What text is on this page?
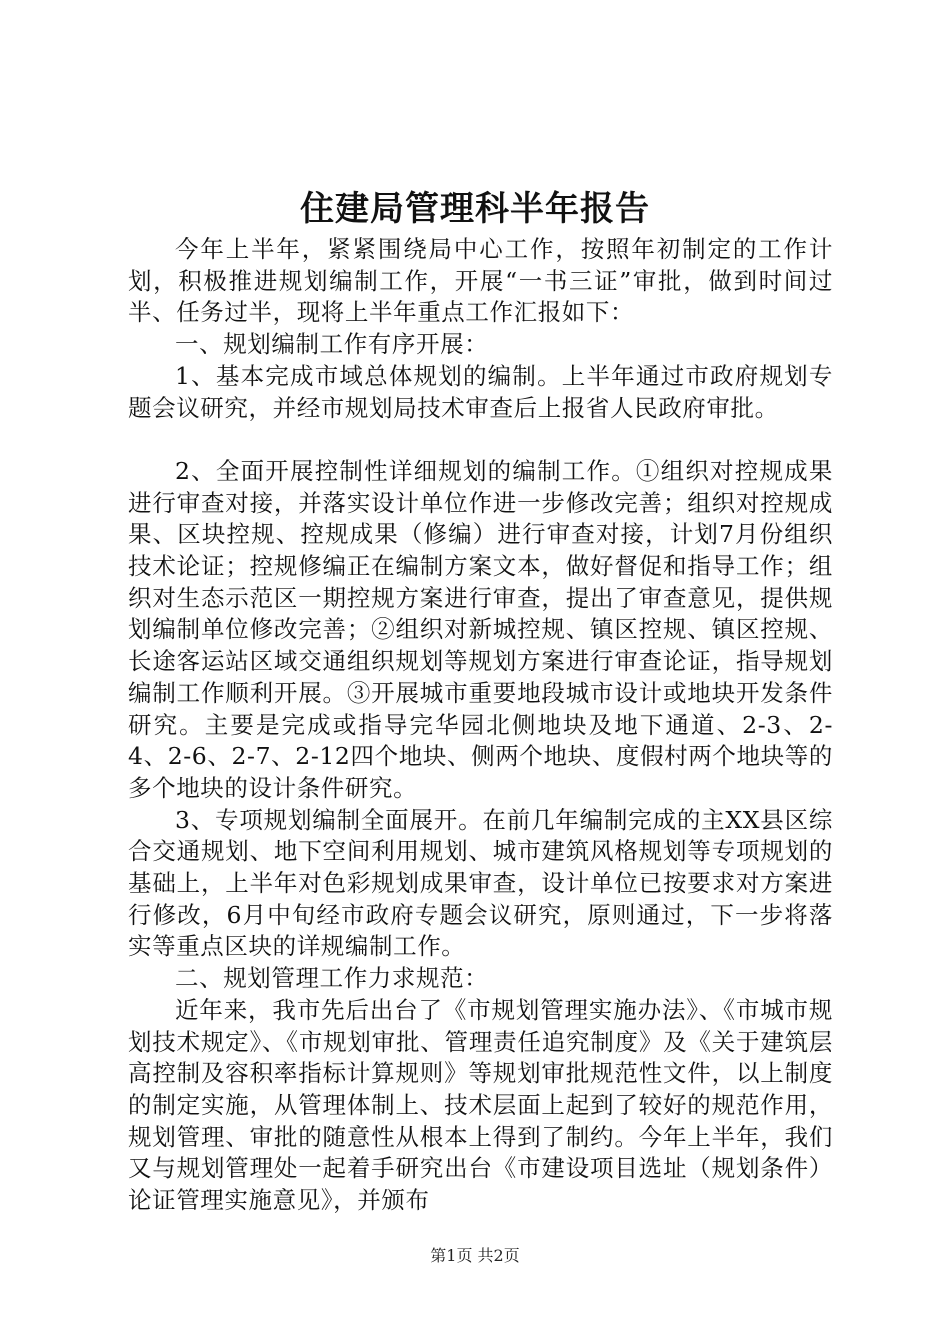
住建局管理科半年报告

今年上半年，紧紧围绕局中心工作，按照年初制定的工作计划，积极推进规划编制工作，开展“一书三证”审批，做到时间过半、任务过半，现将上半年重点工作汇报如下：

一、规划编制工作有序开展：

1、基本完成市域总体规划的编制。上半年通过市政府规划专题会议研究，并经市规划局技术审查后上报省人民政府审批。

2、全面开展控制性详细规划的编制工作。①组织对控规成果进行审查对接，并落实设计单位作进一步修改完善；组织对控规成果、区块控规、控规成果（修编）进行审查对接，计划7月份组织技术论证；控规修编正在编制方案文本，做好督促和指导工作；组织对生态示范区一期控规方案进行审查，提出了审查意见，提供规划编制单位修改完善；②组织对新城控规、镇区控规、镇区控规、长途客运站区域交通组织规划等规划方案进行审查论证，指导规划编制工作顺利开展。③开展城市重要地段城市设计或地块开发条件研究。主要是完成或指导完华园北侧地块及地下通道、2-3、2-4、2-6、2-7、2-12四个地块、侧两个地块、度假村两个地块等的多个地块的设计条件研究。

3、专项规划编制全面展开。在前几年编制完成的主XX县区综合交通规划、地下空间利用规划、城市建筑风格规划等专项规划的基础上，上半年对色彩规划成果审查，设计单位已按要求对方案进行修改，6月中旬经市政府专题会议研究，原则通过，下一步将落实等重点区块的详规编制工作。

二、规划管理工作力求规范：

近年来，我市先后出台了《市规划管理实施办法》、《市城市规划技术规定》、《市规划审批、管理责任追究制度》及《关于建筑层高控制及容积率指标计算规则》等规划审批规范性文件，以上制度的制定实施，从管理体制上、技术层面上起到了较好的规范作用，规划管理、审批的随意性从根本上得到了制约。今年上半年，我们又与规划管理处一起着手研究出台《市建设项目选址（规划条件）论证管理实施意见》，并颁布

第1页 共2页
